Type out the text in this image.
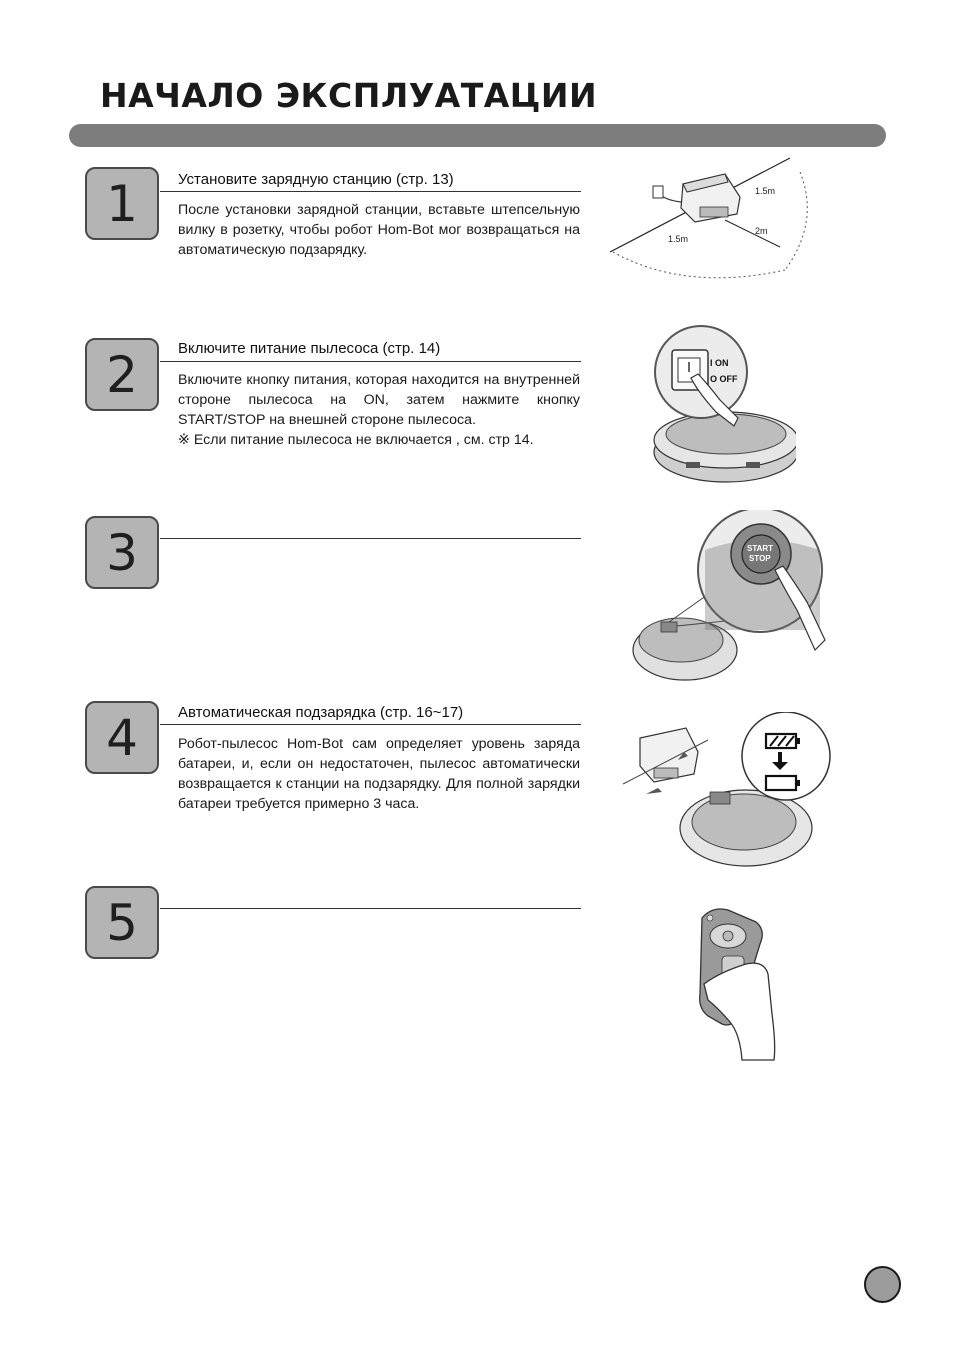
НАЧАЛО ЭКСПЛУАТАЦИИ
1	Установите зарядную станцию (стр. 13)

После установки зарядной станции, вставьте штепсельную вилку в розетку, чтобы робот Hom-Bot мог возвращаться на автоматическую подзарядку.

2	Включите питание пылесоса (стр. 14)
Включите кнопку питания, которая находится на внутренней стороне пылесоса на ON, затем нажмите кнопку START/STOP на внешней стороне пылесоса.
※ Если питание пылесоса не включается , см. стр 14.
3
4	Автоматическая подзарядка (стр. 16~17)

Робот-пылесос Hom-Bot сам определяет уровень заряда батареи, и, если он недостаточен, пылесос автоматически возвращается к станции на подзарядку. Для полной зарядки батареи требуется примерно 3 часа.

5
1.5m
1.5m
2m
I ON
O OFF
START
STOP
